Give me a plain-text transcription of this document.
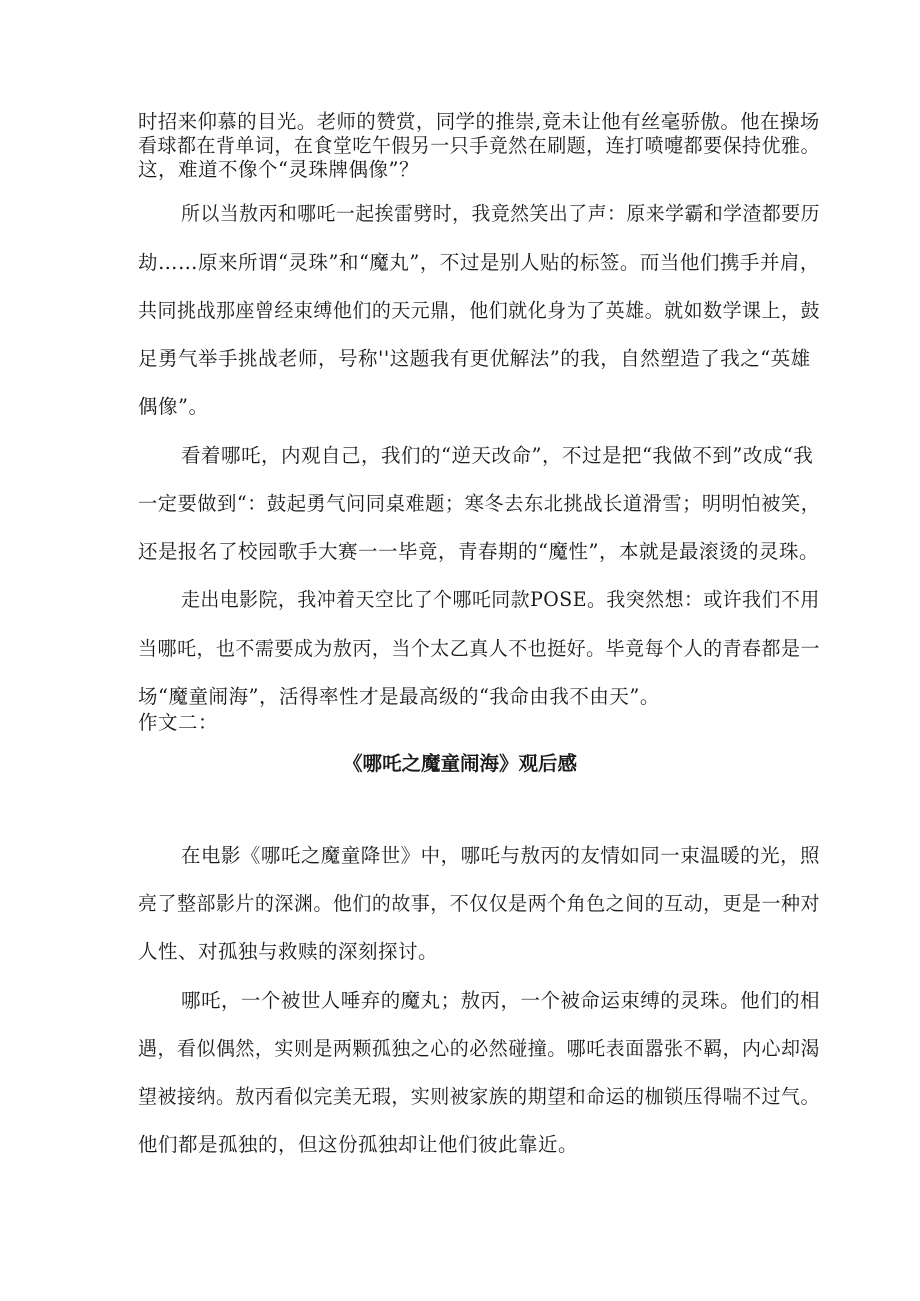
时招来仰慕的目光。老师的赞赏，同学的推崇,竟未让他有丝毫骄傲。他在操场
看球都在背单词，在食堂吃午假另一只手竟然在刷题，连打喷嚏都要保持优雅。
这，难道不像个“灵珠牌偶像”？
所以当敖丙和哪吒一起挨雷劈时，我竟然笑出了声：原来学霸和学渣都要历
劫……原来所谓“灵珠”和“魔丸”，不过是别人贴的标签。而当他们携手并肩，
共同挑战那座曾经束缚他们的天元鼎，他们就化身为了英雄。就如数学课上，鼓
足勇气举手挑战老师，号称''这题我有更优解法”的我，自然塑造了我之“英雄
偶像”。
看着哪吒，内观自己，我们的“逆天改命”，不过是把“我做不到”改成“我
一定要做到“：鼓起勇气问同桌难题；寒冬去东北挑战长道滑雪；明明怕被笑，
还是报名了校园歌手大赛一一毕竟，青春期的“魔性”，本就是最滚烫的灵珠。
走出电影院，我冲着天空比了个哪吒同款POSE。我突然想：或许我们不用
当哪吒，也不需要成为敖丙，当个太乙真人不也挺好。毕竟每个人的青春都是一
场“魔童闹海”，活得率性才是最高级的“我命由我不由天”。
作文二：
《哪吒之魔童闹海》观后感
在电影《哪吒之魔童降世》中，哪吒与敖丙的友情如同一束温暖的光，照
亮了整部影片的深渊。他们的故事，不仅仅是两个角色之间的互动，更是一种对
人性、对孤独与救赎的深刻探讨。
哪吒，一个被世人唾弃的魔丸；敖丙，一个被命运束缚的灵珠。他们的相
遇，看似偶然，实则是两颗孤独之心的必然碰撞。哪吒表面嚣张不羁，内心却渴
望被接纳。敖丙看似完美无瑕，实则被家族的期望和命运的枷锁压得喘不过气。
他们都是孤独的，但这份孤独却让他们彼此靠近。
